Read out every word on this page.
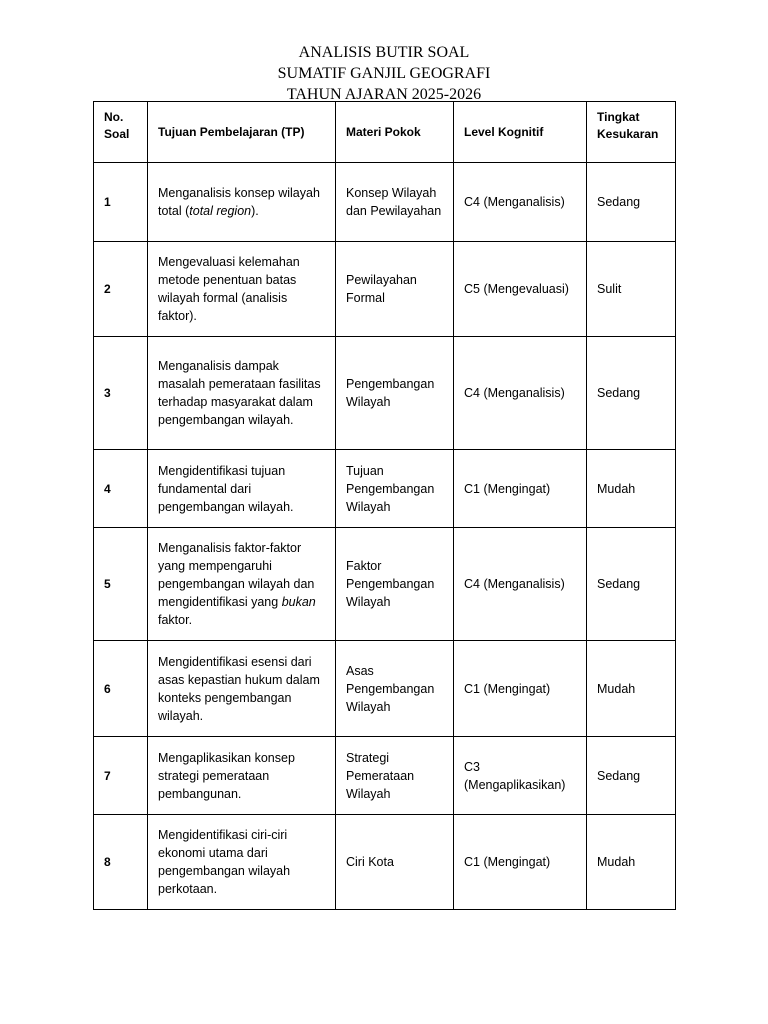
ANALISIS BUTIR SOAL
SUMATIF GANJIL GEOGRAFI
TAHUN AJARAN 2025-2026
No. Soal	Tujuan Pembelajaran (TP)	Materi Pokok	Level Kognitif	Tingkat Kesukaran
1	Menganalisis konsep wilayah total (total region).	Konsep Wilayah dan Pewilayahan	C4 (Menganalisis)	Sedang
2	Mengevaluasi kelemahan metode penentuan batas wilayah formal (analisis faktor).	Pewilayahan Formal	C5 (Mengevaluasi)	Sulit
3	Menganalisis dampak masalah pemerataan fasilitas terhadap masyarakat dalam pengembangan wilayah.	Pengembangan Wilayah	C4 (Menganalisis)	Sedang
4	Mengidentifikasi tujuan fundamental dari pengembangan wilayah.	Tujuan Pengembangan Wilayah	C1 (Mengingat)	Mudah
5	Menganalisis faktor-faktor yang mempengaruhi pengembangan wilayah dan mengidentifikasi yang bukan faktor.	Faktor Pengembangan Wilayah	C4 (Menganalisis)	Sedang
6	Mengidentifikasi esensi dari asas kepastian hukum dalam konteks pengembangan wilayah.	Asas Pengembangan Wilayah	C1 (Mengingat)	Mudah
7	Mengaplikasikan konsep strategi pemerataan pembangunan.	Strategi Pemerataan Wilayah	C3 (Mengaplikasikan)	Sedang
8	Mengidentifikasi ciri-ciri ekonomi utama dari pengembangan wilayah perkotaan.	Ciri Kota	C1 (Mengingat)	Mudah
